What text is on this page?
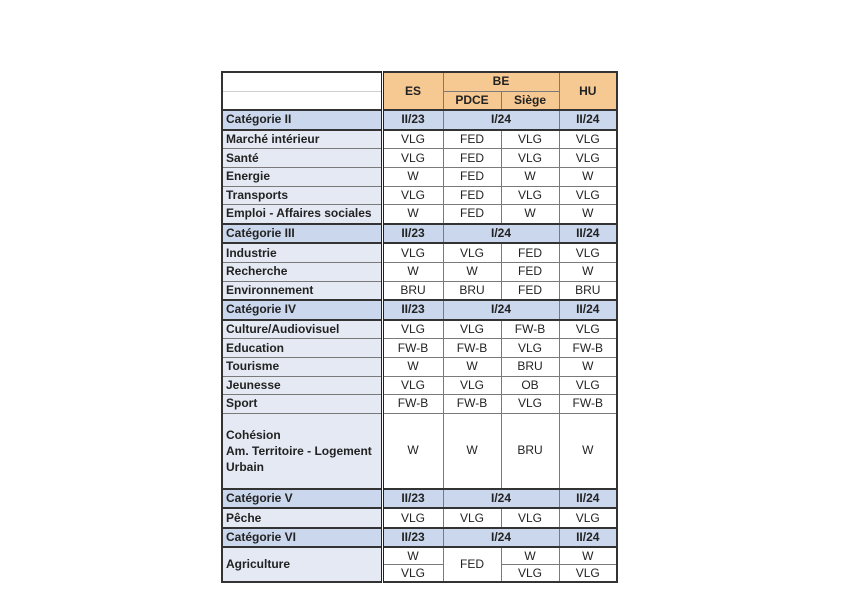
	ES	BE		HU
		PDCE	Siège	
Catégorie II	II/23	I/24		II/24
Marché intérieur	VLG	FED	VLG	VLG
Santé	VLG	FED	VLG	VLG
Energie	W	FED	W	W
Transports	VLG	FED	VLG	VLG
Emploi - Affaires sociales	W	FED	W	W
Catégorie III	II/23	I/24		II/24
Industrie	VLG	VLG	FED	VLG
Recherche	W	W	FED	W
Environnement	BRU	BRU	FED	BRU
Catégorie IV	II/23	I/24		II/24
Culture/Audiovisuel	VLG	VLG	FW-B	VLG
Education	FW-B	FW-B	VLG	FW-B
Tourisme	W	W	BRU	W
Jeunesse	VLG	VLG	OB	VLG
Sport	FW-B	FW-B	VLG	FW-B

Cohésion
Am. Territoire - Logement
Urbain	W	W	BRU	W
Catégorie V	II/23	I/24		II/24
Pêche	VLG	VLG	VLG	VLG
Catégorie VI	II/23	I/24		II/24
Agriculture	W	FED	W	W
	VLG		VLG	VLG
